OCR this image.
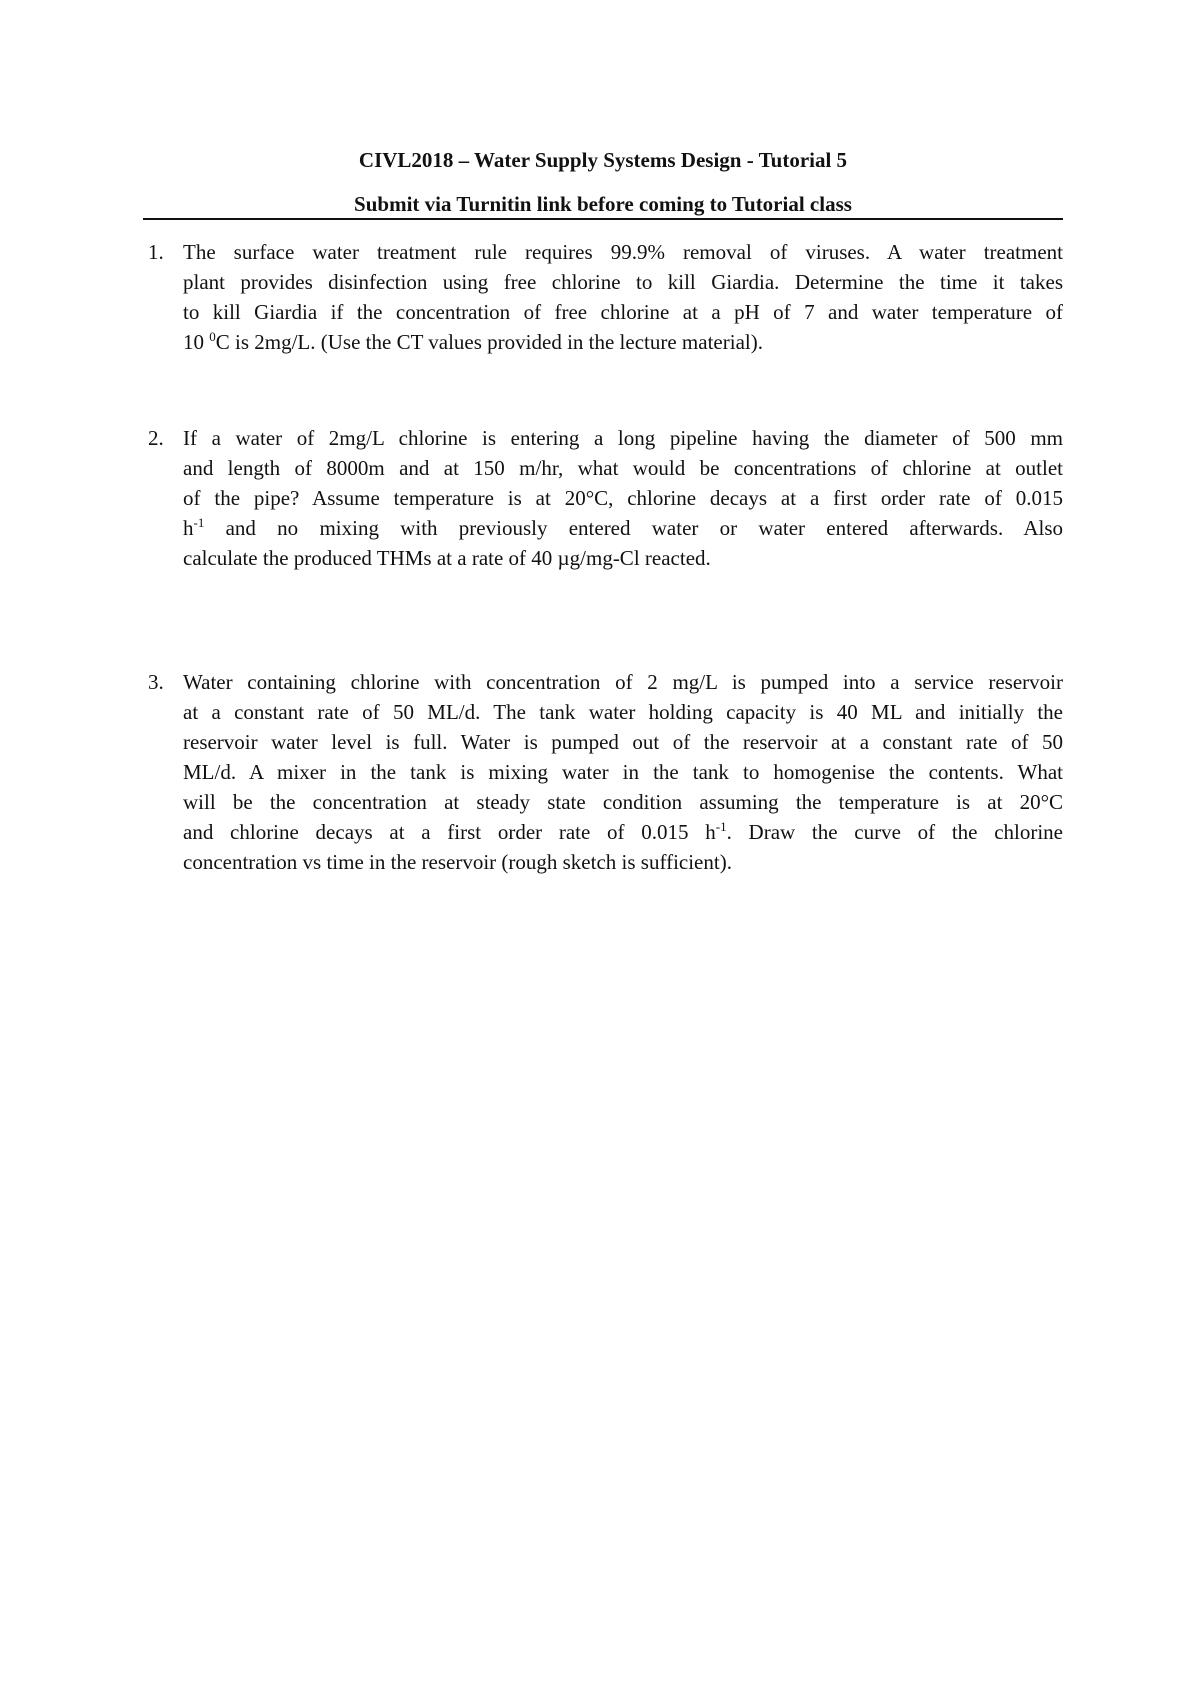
CIVL2018 – Water Supply Systems Design - Tutorial 5
Submit via Turnitin link before coming to Tutorial class
1. The surface water treatment rule requires 99.9% removal of viruses. A water treatment
plant provides disinfection using free chlorine to kill Giardia. Determine the time it takes
to kill Giardia if the concentration of free chlorine at a pH of 7 and water temperature of
10 $^0$C is 2mg/L. (Use the CT values provided in the lecture material).
2. If a water of 2mg/L chlorine is entering a long pipeline having the diameter of 500 mm
and length of 8000m and at 150 m/hr, what would be concentrations of chlorine at outlet
of the pipe? Assume temperature is at 20°C, chlorine decays at a first order rate of 0.015
$h^{-1}$ and no mixing with previously entered water or water entered afterwards. Also
calculate the produced THMs at a rate of 40 µg/mg-Cl reacted.
3. Water containing chlorine with concentration of 2 mg/L is pumped into a service reservoir
at a constant rate of 50 ML/d. The tank water holding capacity is 40 ML and initially the
reservoir water level is full. Water is pumped out of the reservoir at a constant rate of 50
ML/d. A mixer in the tank is mixing water in the tank to homogenise the contents. What
will be the concentration at steady state condition assuming the temperature is at 20°C
and chlorine decays at a first order rate of 0.015 $h^{-1}$. Draw the curve of the chlorine
concentration vs time in the reservoir (rough sketch is sufficient).
